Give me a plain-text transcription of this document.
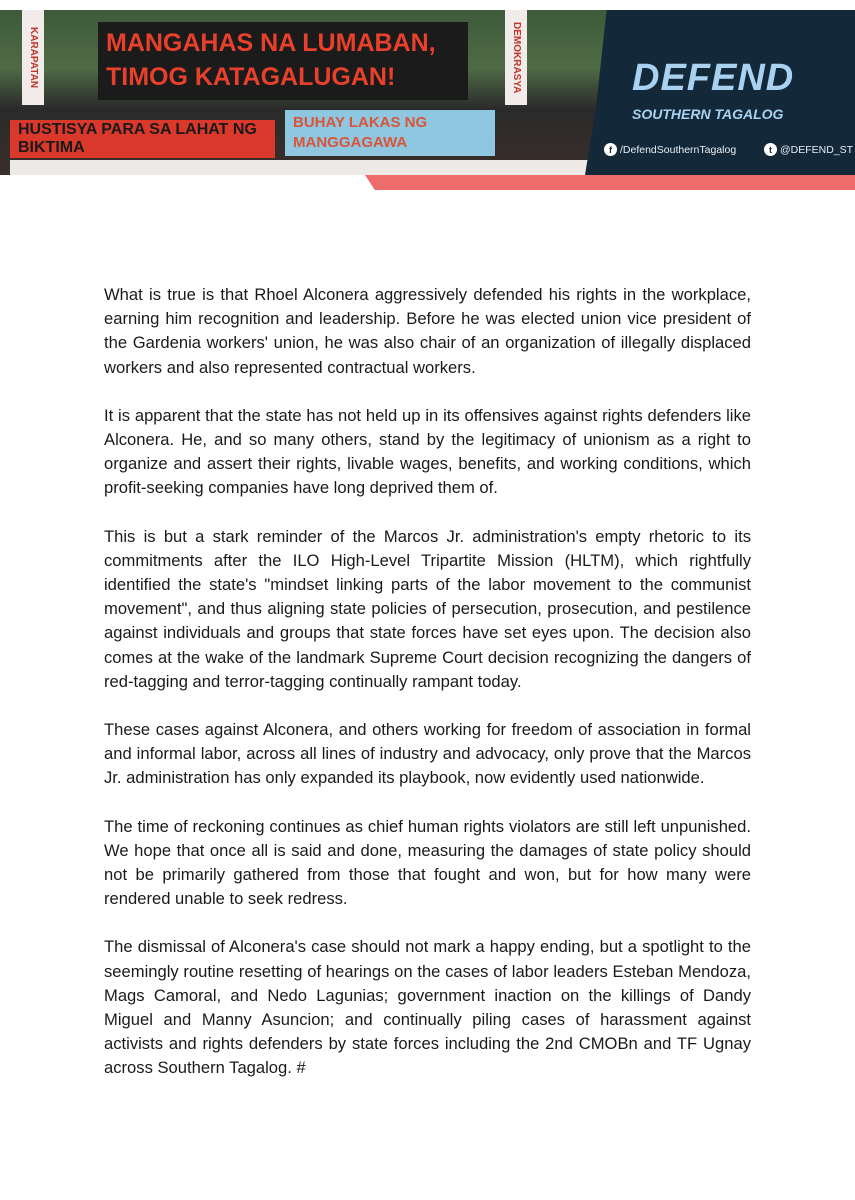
KARAPATAN	DEMOKRASYA
BUHAY LAKAS NG MANGGAGAWA
HUSTISYA PARA SA LAHAT NG BIKTIMA
MANGAHAS NA LUMABAN,
TIMOG KATAGALUGAN!	DEFEND
SOUTHERN TAGALOG
f /DefendSouthernTagalog	t @DEFEND_ST

What is true is that Rhoel Alconera aggressively defended his rights in the workplace, earning him recognition and leadership. Before he was elected union vice president of the Gardenia workers' union, he was also chair of an organization of illegally displaced workers and also represented contractual workers.

It is apparent that the state has not held up in its offensives against rights defenders like Alconera. He, and so many others, stand by the legitimacy of unionism as a right to organize and assert their rights, livable wages, benefits, and working conditions, which profit-seeking companies have long deprived them of.

This is but a stark reminder of the Marcos Jr. administration's empty rhetoric to its commitments after the ILO High-Level Tripartite Mission (HLTM), which rightfully identified the state's "mindset linking parts of the labor movement to the communist movement", and thus aligning state policies of persecution, prosecution, and pestilence against individuals and groups that state forces have set eyes upon. The decision also comes at the wake of the landmark Supreme Court decision recognizing the dangers of red-tagging and terror-tagging continually rampant today.

These cases against Alconera, and others working for freedom of association in formal and informal labor, across all lines of industry and advocacy, only prove that the Marcos Jr. administration has only expanded its playbook, now evidently used nationwide.

The time of reckoning continues as chief human rights violators are still left unpunished. We hope that once all is said and done, measuring the damages of state policy should not be primarily gathered from those that fought and won, but for how many were rendered unable to seek redress.

The dismissal of Alconera's case should not mark a happy ending, but a spotlight to the seemingly routine resetting of hearings on the cases of labor leaders Esteban Mendoza, Mags Camoral, and Nedo Lagunias; government inaction on the killings of Dandy Miguel and Manny Asuncion; and continually piling cases of harassment against activists and rights defenders by state forces including the 2nd CMOBn and TF Ugnay across Southern Tagalog. #
